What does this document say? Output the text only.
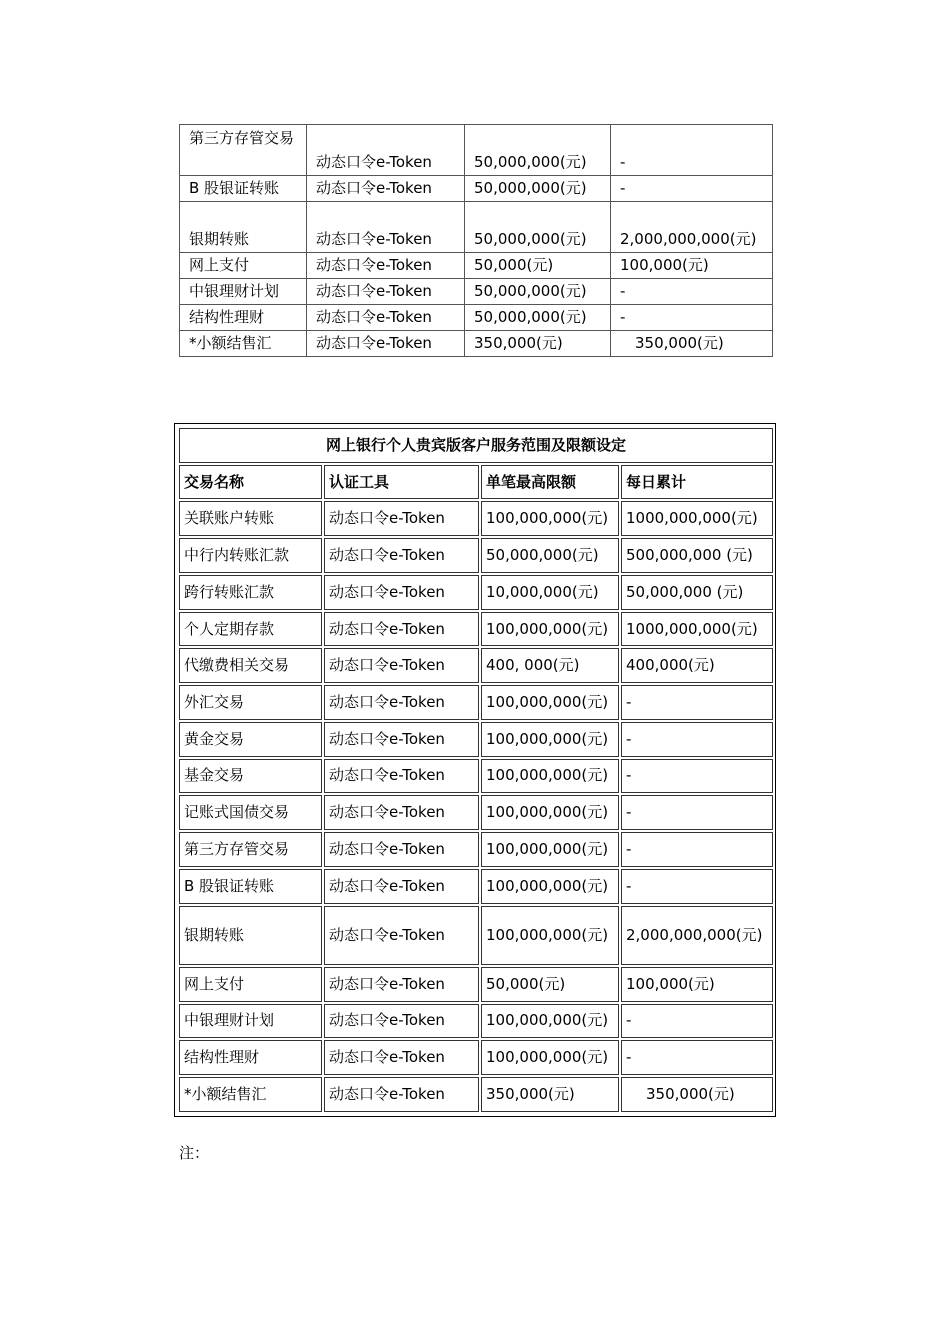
第三方存管交易	动态口令e-Token	50,000,000(元)	-
B 股银证转账	动态口令e-Token	50,000,000(元)	-
银期转账	动态口令e-Token	50,000,000(元)	2,000,000,000(元)
网上支付	动态口令e-Token	50,000(元)	100,000(元)
中银理财计划	动态口令e-Token	50,000,000(元)	-
结构性理财	动态口令e-Token	50,000,000(元)	-
*小额结售汇	动态口令e-Token	350,000(元)	350,000(元)
网上银行个人贵宾版客户服务范围及限额设定			
交易名称	认证工具	单笔最高限额	每日累计
关联账户转账	动态口令e-Token	100,000,000(元)	1000,000,000(元)
中行内转账汇款	动态口令e-Token	50,000,000(元)	500,000,000 (元)
跨行转账汇款	动态口令e-Token	10,000,000(元)	50,000,000 (元)
个人定期存款	动态口令e-Token	100,000,000(元)	1000,000,000(元)
代缴费相关交易	动态口令e-Token	400, 000(元)	400,000(元)
外汇交易	动态口令e-Token	100,000,000(元)	-
黄金交易	动态口令e-Token	100,000,000(元)	-
基金交易	动态口令e-Token	100,000,000(元)	-
记账式国债交易	动态口令e-Token	100,000,000(元)	-
第三方存管交易	动态口令e-Token	100,000,000(元)	-
B 股银证转账	动态口令e-Token	100,000,000(元)	-
银期转账	动态口令e-Token	100,000,000(元)	2,000,000,000(元)
网上支付	动态口令e-Token	50,000(元)	100,000(元)
中银理财计划	动态口令e-Token	100,000,000(元)	-
结构性理财	动态口令e-Token	100,000,000(元)	-
*小额结售汇	动态口令e-Token	350,000(元)	350,000(元)
注：
